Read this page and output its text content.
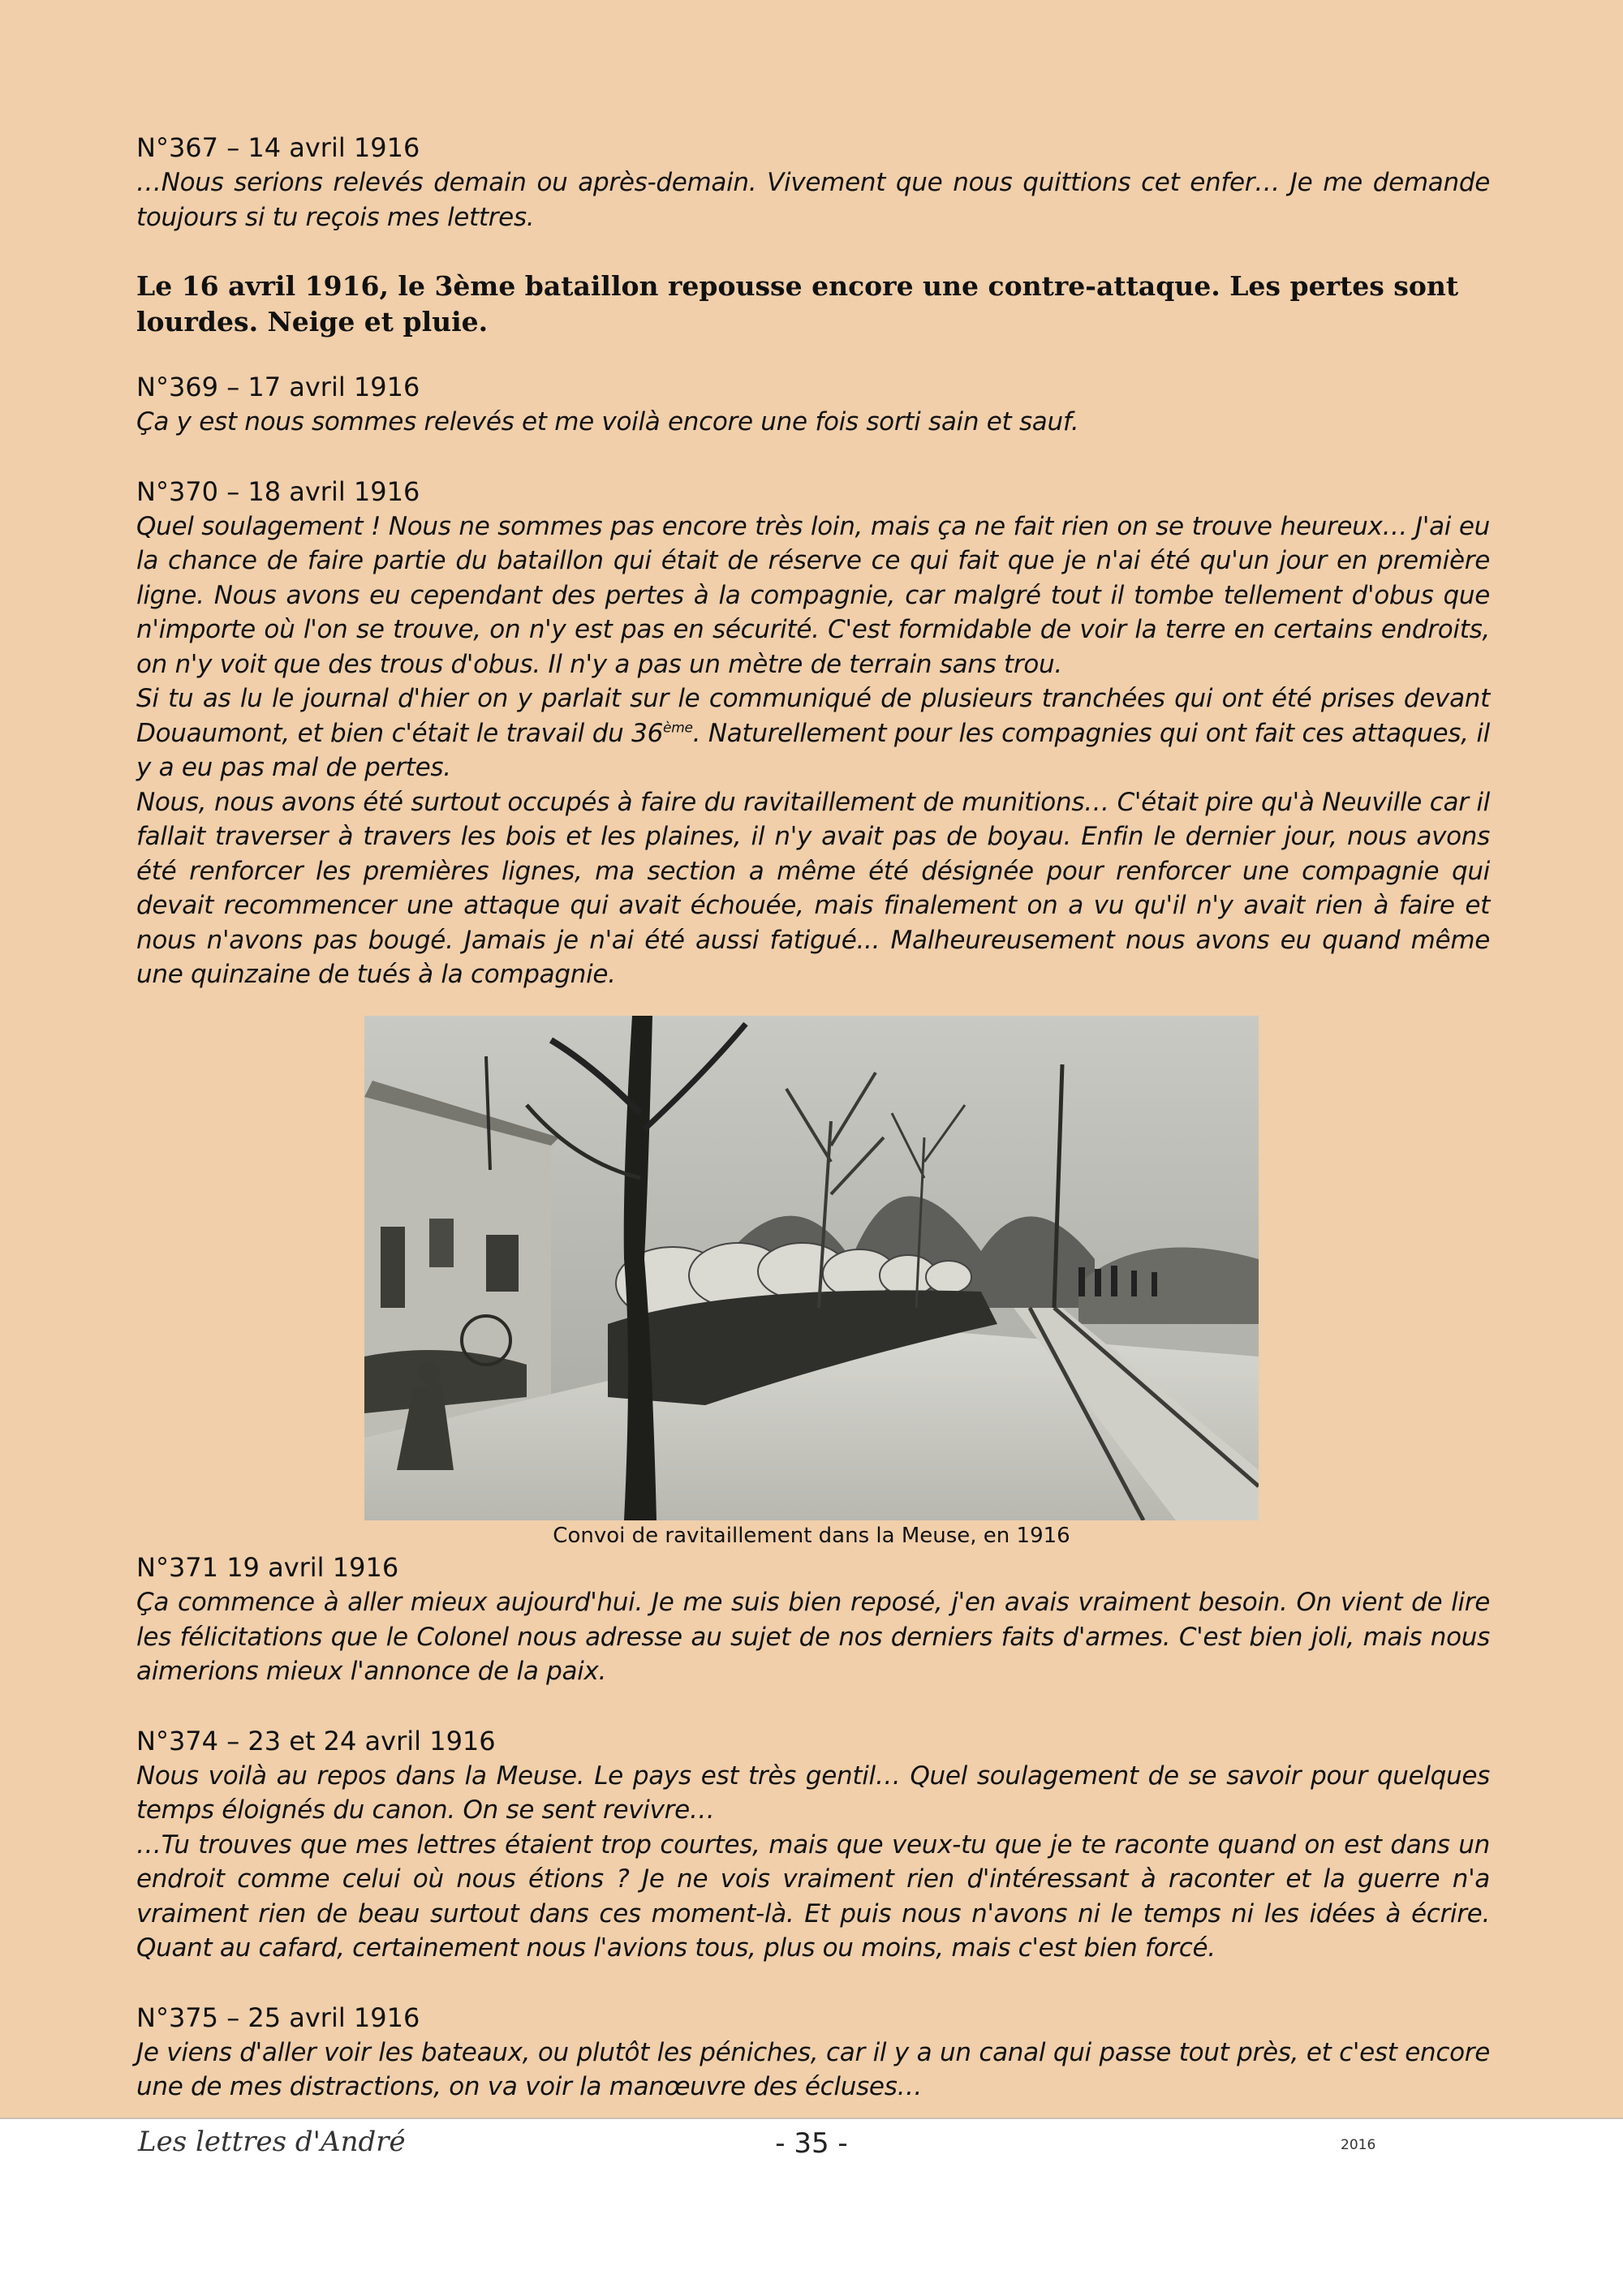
N°367 – 14 avril 1916

…Nous serions relevés demain ou après-demain. Vivement que nous quittions cet enfer… Je me demande toujours si tu reçois mes lettres.

Le 16 avril 1916, le 3ème bataillon repousse encore une contre-attaque. Les pertes sont lourdes. Neige et pluie.

N°369 – 17 avril 1916

Ça y est nous sommes relevés et me voilà encore une fois sorti sain et sauf.

N°370 – 18 avril 1916

Quel soulagement ! Nous ne sommes pas encore très loin, mais ça ne fait rien on se trouve heureux… J'ai eu la chance de faire partie du bataillon qui était de réserve ce qui fait que je n'ai été qu'un jour en première ligne. Nous avons eu cependant des pertes à la compagnie, car malgré tout il tombe tellement d'obus que n'importe où l'on se trouve, on n'y est pas en sécurité. C'est formidable de voir la terre en certains endroits, on n'y voit que des trous d'obus. Il n'y a pas un mètre de terrain sans trou.

Si tu as lu le journal d'hier on y parlait sur le communiqué de plusieurs tranchées qui ont été prises devant Douaumont, et bien c'était le travail du 36ème. Naturellement pour les compagnies qui ont fait ces attaques, il y a eu pas mal de pertes.

Nous, nous avons été surtout occupés à faire du ravitaillement de munitions… C'était pire qu'à Neuville car il fallait traverser à travers les bois et les plaines, il n'y avait pas de boyau. Enfin le dernier jour, nous avons été renforcer les premières lignes, ma section a même été désignée pour renforcer une compagnie qui devait recommencer une attaque qui avait échouée, mais finalement on a vu qu'il n'y avait rien à faire et nous n'avons pas bougé. Jamais je n'ai été aussi fatigué... Malheureusement nous avons eu quand même une quinzaine de tués à la compagnie.

Convoi de ravitaillement dans la Meuse, en 1916

N°371 19 avril 1916

Ça commence à aller mieux aujourd'hui. Je me suis bien reposé, j'en avais vraiment besoin. On vient de lire les félicitations que le Colonel nous adresse au sujet de nos derniers faits d'armes. C'est bien joli, mais nous aimerions mieux l'annonce de la paix.

N°374 – 23 et 24 avril 1916

Nous voilà au repos dans la Meuse. Le pays est très gentil… Quel soulagement de se savoir pour quelques temps éloignés du canon. On se sent revivre…

…Tu trouves que mes lettres étaient trop courtes, mais que veux-tu que je te raconte quand on est dans un endroit comme celui où nous étions ? Je ne vois vraiment rien d'intéressant à raconter et la guerre n'a vraiment rien de beau surtout dans ces moment-là. Et puis nous n'avons ni le temps ni les idées à écrire. Quant au cafard, certainement nous l'avions tous, plus ou moins, mais c'est bien forcé.

N°375 – 25 avril 1916

Je viens d'aller voir les bateaux, ou plutôt les péniches, car il y a un canal qui passe tout près, et c'est encore une de mes distractions, on va voir la manœuvre des écluses…

Les lettres d'André	- 35 -	2016
